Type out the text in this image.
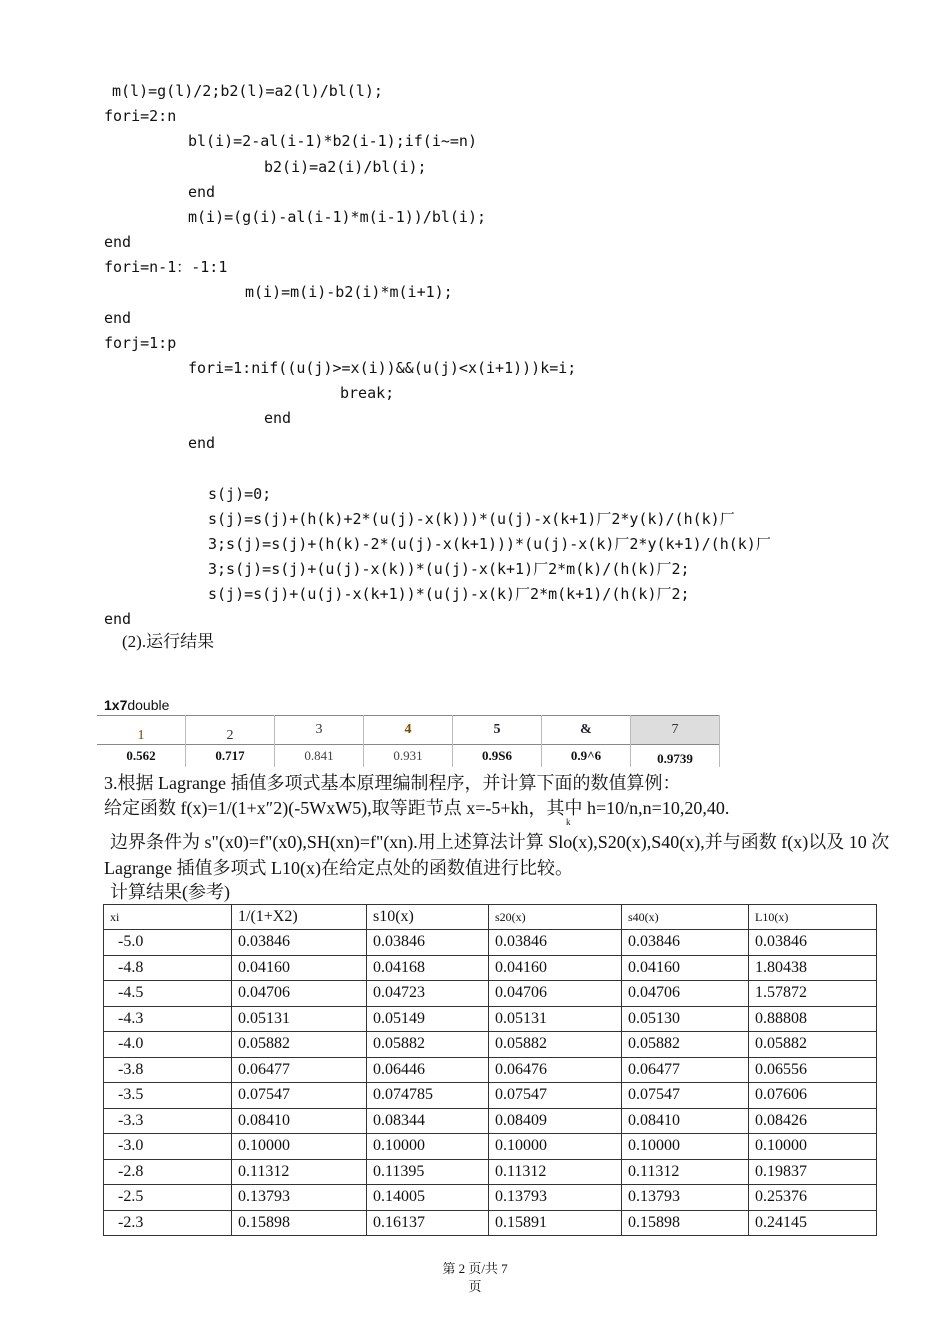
m(l)=g(l)/2;b2(l)=a2(l)/bl(l);
fori=2:n
bl(i)=2-al(i-1)*b2(i-1);if(i~=n)
b2(i)=a2(i)/bl(i);
end
m(i)=(g(i)-al(i-1)*m(i-1))/bl(i);
end
fori=n-1：-1:1
m(i)=m(i)-b2(i)*m(i+1);
end
forj=1:p
fori=1:nif((u(j)>=x(i))&&(u(j)<x(i+1)))k=i;
break;
end
end
s(j)=0;
s(j)=s(j)+(h(k)+2*(u(j)-x(k)))*(u(j)-x(k+1)厂2*y(k)/(h(k)厂
3;s(j)=s(j)+(h(k)-2*(u(j)-x(k+1)))*(u(j)-x(k)厂2*y(k+1)/(h(k)厂
3;s(j)=s(j)+(u(j)-x(k))*(u(j)-x(k+1)厂2*m(k)/(h(k)厂2;
s(j)=s(j)+(u(j)-x(k+1))*(u(j)-x(k)厂2*m(k+1)/(h(k)厂2;
end
(2).运行结果
1x7double
1	2	3	4	5	&	7
0.562	0.717	0.841	0.931	0.9S6	0.9^6	0.9739
3.根据 Lagrange 插值多项式基本原理编制程序，并计算下面的数值算例：
给定函数 f(x)=1/(1+x″2)(-5WxW5),取等距节点 x=-5+kh，其中 h=10/n,n=10,20,40.
k
边界条件为 s"(x0)=f"(x0),SH(xn)=f"(xn).用上述算法计算 Slo(x),S20(x),S40(x),并与函数 f(x)以及 10 次
Lagrange 插值多项式 L10(x)在给定点处的函数值进行比较。
计算结果(参考)
xi	1/(1+X2)	s10(x)	s20(x)	s40(x)	L10(x)
-5.0	0.03846	0.03846	0.03846	0.03846	0.03846
-4.8	0.04160	0.04168	0.04160	0.04160	1.80438
-4.5	0.04706	0.04723	0.04706	0.04706	1.57872
-4.3	0.05131	0.05149	0.05131	0.05130	0.88808
-4.0	0.05882	0.05882	0.05882	0.05882	0.05882
-3.8	0.06477	0.06446	0.06476	0.06477	0.06556
-3.5	0.07547	0.074785	0.07547	0.07547	0.07606
-3.3	0.08410	0.08344	0.08409	0.08410	0.08426
-3.0	0.10000	0.10000	0.10000	0.10000	0.10000
-2.8	0.11312	0.11395	0.11312	0.11312	0.19837
-2.5	0.13793	0.14005	0.13793	0.13793	0.25376
-2.3	0.15898	0.16137	0.15891	0.15898	0.24145
第 2 页/共 7
页
